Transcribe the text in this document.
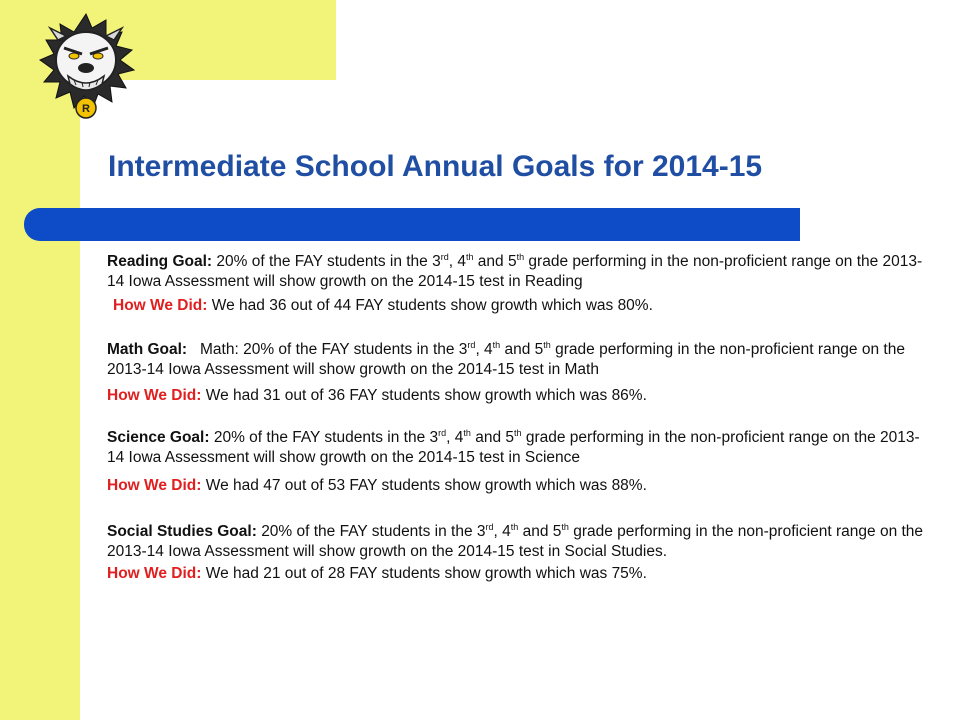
R
Intermediate School Annual Goals for 2014-15
Reading Goal: 20% of the FAY students in the 3rd, 4th and 5th grade performing in the non-proficient range on the 2013-14 Iowa Assessment will show growth on the 2014-15 test in Reading
How We Did: We had 36 out of 44 FAY students show growth which was 80%.
Math Goal: Math: 20% of the FAY students in the 3rd, 4th and 5th grade performing in the non-proficient range on the 2013-14 Iowa Assessment will show growth on the 2014-15 test in Math
How We Did: We had 31 out of 36 FAY students show growth which was 86%.
Science Goal: 20% of the FAY students in the 3rd, 4th and 5th grade performing in the non-proficient range on the 2013-14 Iowa Assessment will show growth on the 2014-15 test in Science
How We Did: We had 47 out of 53 FAY students show growth which was 88%.
Social Studies Goal: 20% of the FAY students in the 3rd, 4th and 5th grade performing in the non-proficient range on the 2013-14 Iowa Assessment will show growth on the 2014-15 test in Social Studies.
How We Did: We had 21 out of 28 FAY students show growth which was 75%.
